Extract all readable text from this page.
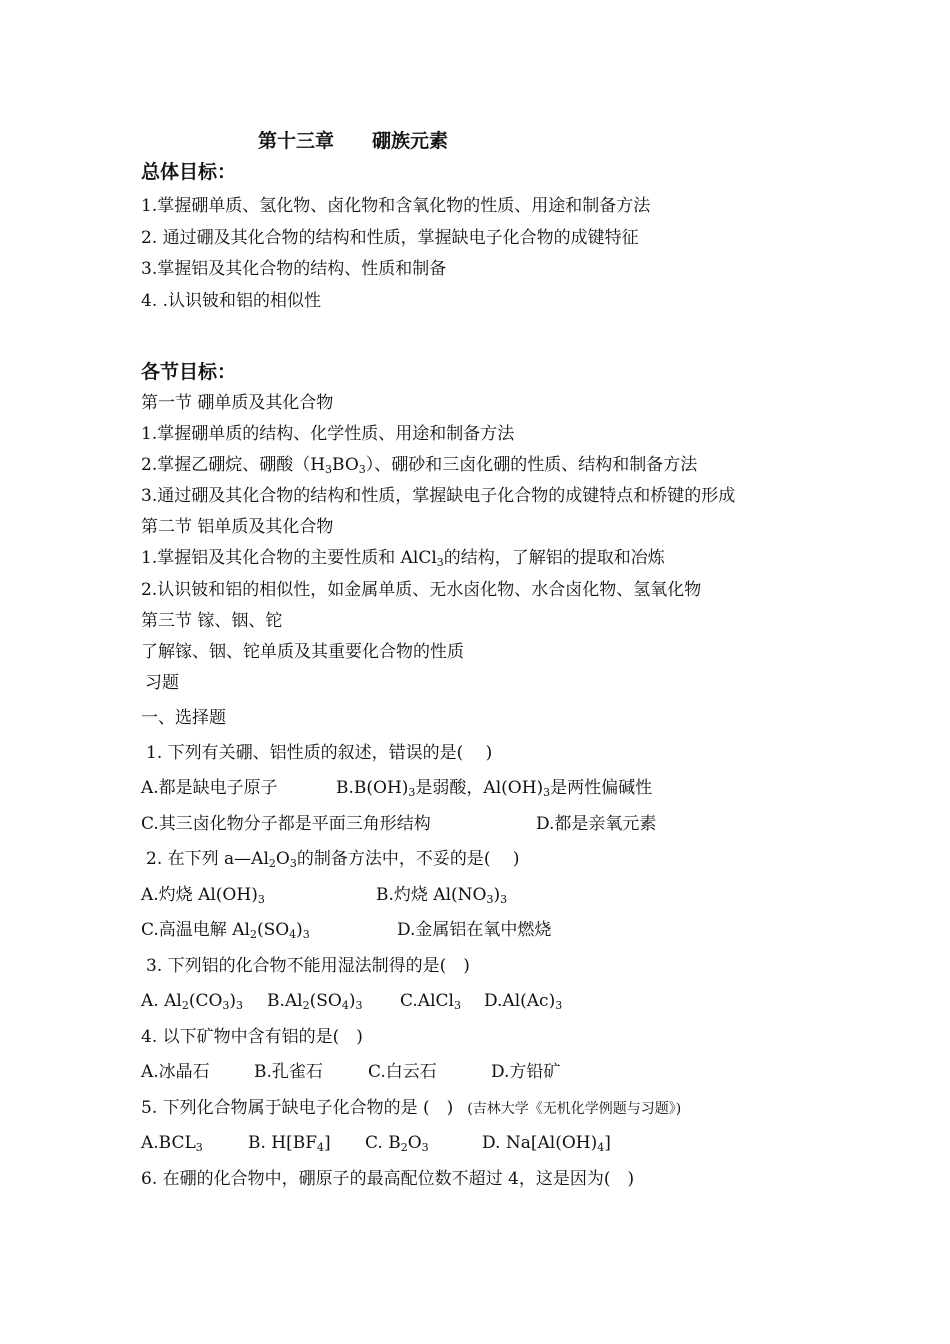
第十三章 硼族元素
总体目标：
1.掌握硼单质、氢化物、卤化物和含氧化物的性质、用途和制备方法
2. 通过硼及其化合物的结构和性质，掌握缺电子化合物的成键特征
3.掌握铝及其化合物的结构、性质和制备
4. .认识铍和铝的相似性
各节目标：
第一节 硼单质及其化合物
1.掌握硼单质的结构、化学性质、用途和制备方法
2.掌握乙硼烷、硼酸$(H_3BO_3)$、硼砂和三卤化硼的性质、结构和制备方法
3.通过硼及其化合物的结构和性质，掌握缺电子化合物的成键特点和桥键的形成
第二节 铝单质及其化合物
1.掌握铝及其化合物的主要性质和 AlCl$_3$的结构，了解铝的提取和冶炼
2.认识铍和铝的相似性，如金属单质、无水卤化物、水合卤化物、氢氧化物
第三节 镓、铟、铊
了解镓、铟、铊单质及其重要化合物的性质
习题
一、选择题
1. 下列有关硼、铝性质的叙述，错误的是(　 )
A.都是缺电子原子	$B.B(OH)_3$是弱酸，$Al(OH)_3$是两性偏碱性
C.其三卤化物分子都是平面三角形结构	D.都是亲氧元素
2. 在下列 $a—Al_2O_3$的制备方法中，不妥的是(　 )
A.灼烧 $Al(OH)_3$	B.灼烧 $Al(NO_3)_3$
C.高温电解 $Al_2(SO_4)_3$	D.金属铝在氧中燃烧
3. 下列铝的化合物不能用湿法制得的是(　)
A. $Al_2(CO_3)_3$ $B.Al_2(SO_4)_3$ C.AlCl$_3$ $D.Al(Ac)_3$
4. 以下矿物中含有铝的是(　)
A.冰晶石	B.孔雀石	C.白云石	D.方铅矿
5. 下列化合物属于缺电子化合物的是 (　) (吉林大学《无机化学例题与习题》)
$A.BCL_3$	B. $H[BF_4]$ C. $B_2O_3$	D. $Na[Al(OH)_4]$
6. 在硼的化合物中，硼原子的最高配位数不超过 4，这是因为(　)
